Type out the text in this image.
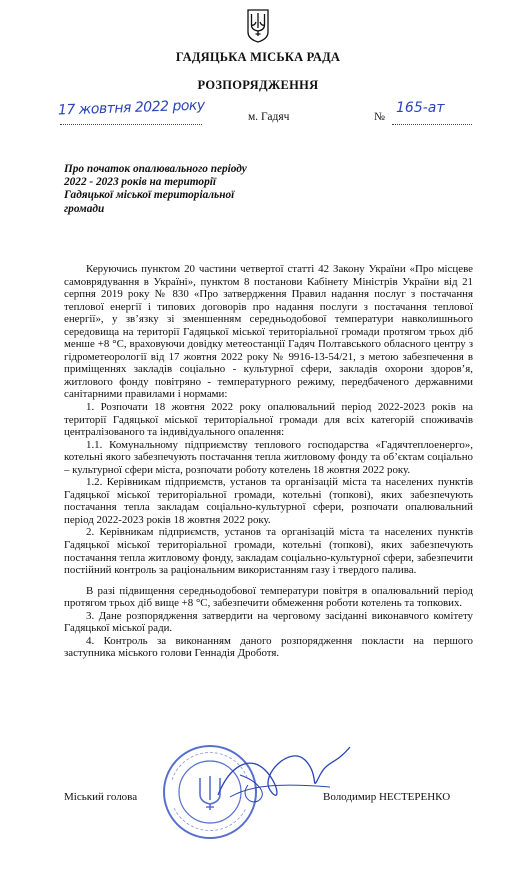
ГАДЯЦЬКА МІСЬКА РАДА
РОЗПОРЯДЖЕННЯ
17 жовтня 2022 року	м. Гадяч	№
165-ат
Про початок опалювального періоду 2022 - 2023 років на території Гадяцької міської територіальної громади

Керуючись пунктом 20 частини четвертої статті 42 Закону України «Про місцеве самоврядування в Україні», пунктом 8 постанови Кабінету Міністрів України від 21 серпня 2019 року № 830 «Про затвердження Правил надання послуг з постачання теплової енергії і типових договорів про надання послуги з постачання теплової енергії», у зв’язку зі зменшенням середньодобової температури навколишнього середовища на території Гадяцької міської територіальної громади протягом трьох діб менше +8 °С, враховуючи довідку метеостанції Гадяч Полтавського обласного центру з гідрометеорології від 17 жовтня 2022 року № 9916-13-54/21, з метою забезпечення в приміщеннях закладів соціально - культурної сфери, закладів охорони здоров’я, житлового фонду повітряно - температурного режиму, передбаченого державними санітарними правилами і нормами:

1. Розпочати 18 жовтня 2022 року опалювальний період 2022-2023 років на території Гадяцької міської територіальної громади для всіх категорій споживачів централізованого та індивідуального опалення:

1.1. Комунальному підприємству теплового господарства «Гадячтеплоенерго», котельні якого забезпечують постачання тепла житловому фонду та об’єктам соціально – культурної сфери міста, розпочати роботу котелень 18 жовтня 2022 року.

1.2. Керівникам підприємств, установ та організацій міста та населених пунктів Гадяцької міської територіальної громади, котельні (топкові), яких забезпечують постачання тепла закладам соціально-культурної сфери, розпочати опалювальний період 2022-2023 років 18 жовтня 2022 року.

2. Керівникам підприємств, установ та організацій міста та населених пунктів Гадяцької міської територіальної громади, котельні (топкові), яких забезпечують постачання тепла житловому фонду, закладам соціально-культурної сфери, забезпечити постійний контроль за раціональним використанням газу і твердого палива.

В разі підвищення середньодобової температури повітря в опалювальний період протягом трьох діб вище +8 °С, забезпечити обмеження роботи котелень та топкових.

3. Дане розпорядження затвердити на черговому засіданні виконавчого комітету Гадяцької міської ради.

4. Контроль за виконанням даного розпорядження покласти на першого заступника міського голови Геннадія Дроботя.

Міський голова	Володимир НЕСТЕРЕНКО
